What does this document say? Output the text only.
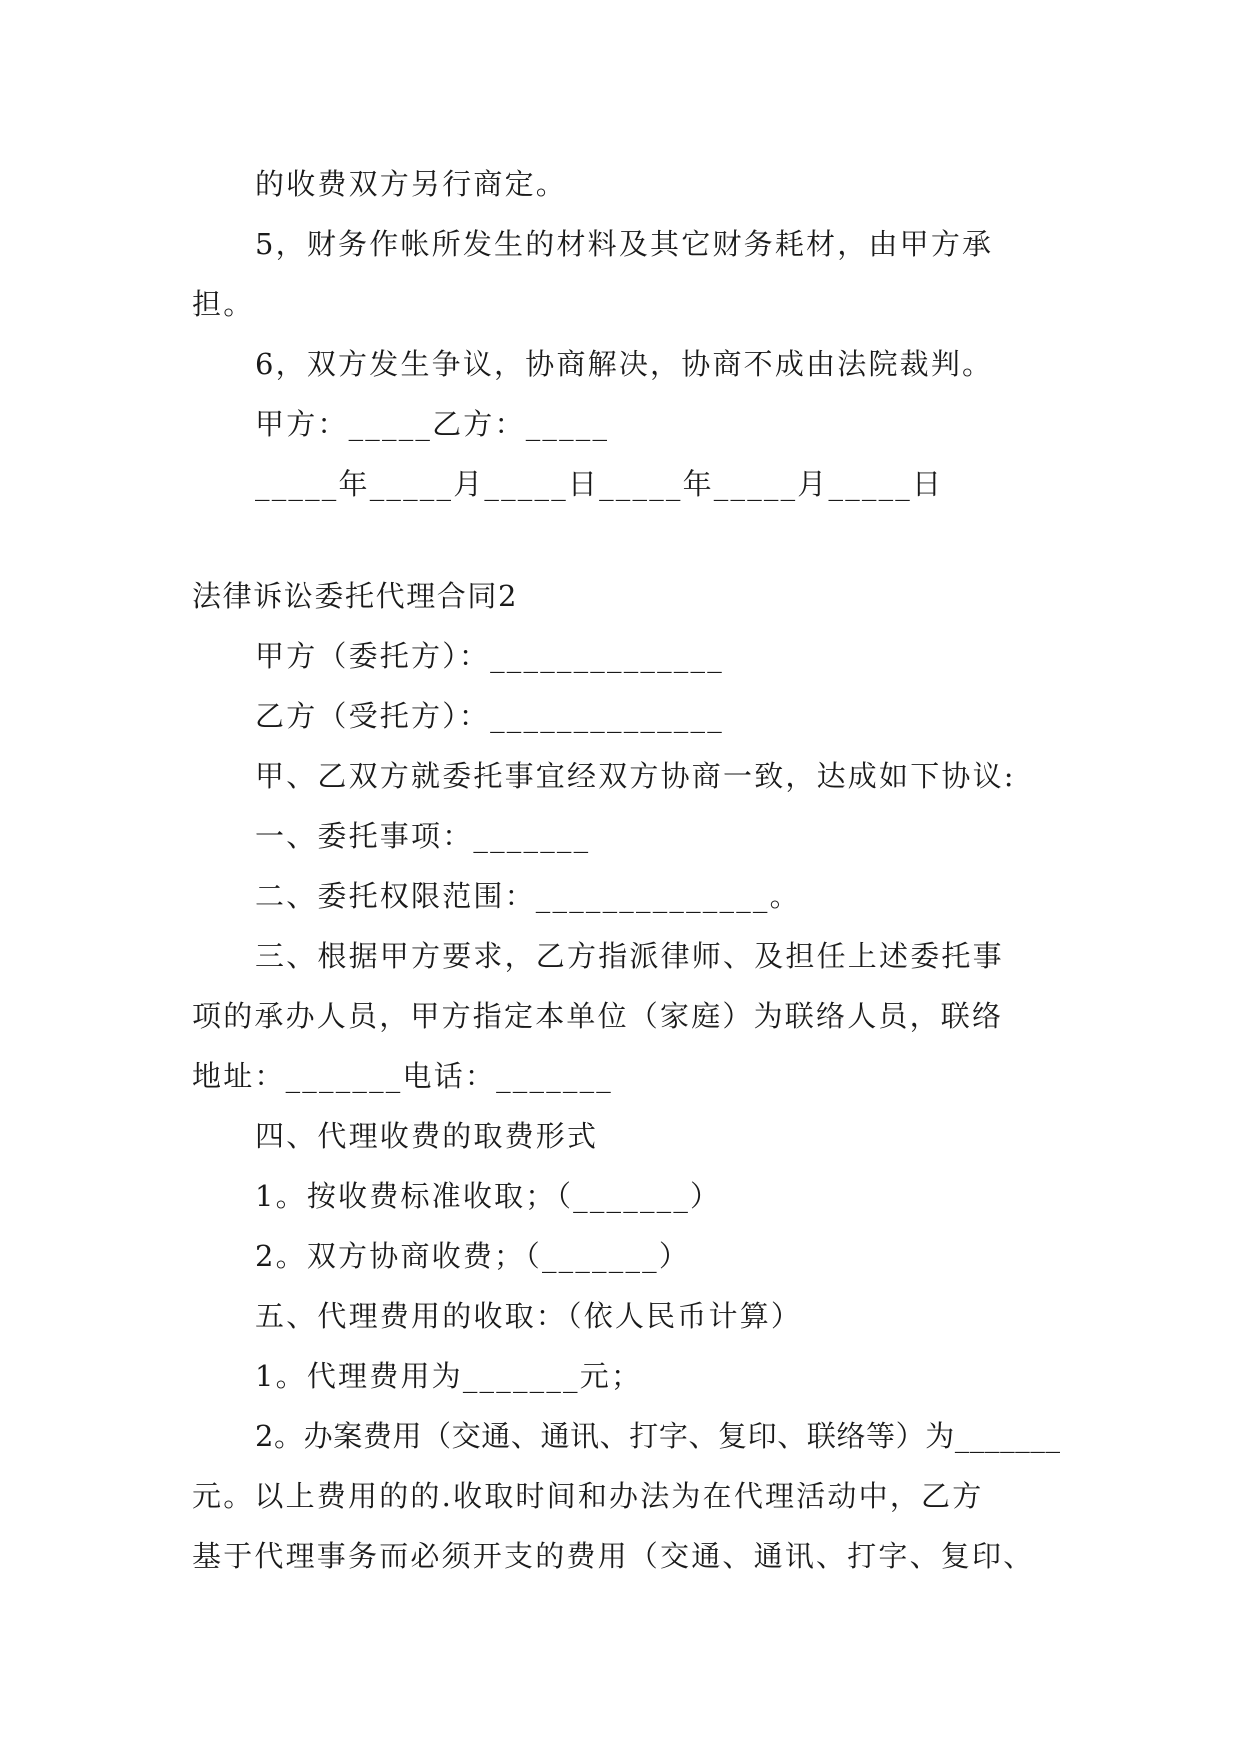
的收费双方另行商定。
5，财务作帐所发生的材料及其它财务耗材，由甲方承
担。
6，双方发生争议，协商解决，协商不成由法院裁判。
甲方：_____乙方：_____
_____年_____月_____日_____年_____月_____日
法律诉讼委托代理合同2
甲方（委托方）：______________
乙方（受托方）：______________
甲、乙双方就委托事宜经双方协商一致，达成如下协议:
一、委托事项：_______
二、委托权限范围：______________。
三、根据甲方要求，乙方指派律师、及担任上述委托事
项的承办人员，甲方指定本单位（家庭）为联络人员，联络
地址：_______电话：_______
四、代理收费的取费形式
1。按收费标准收取；（_______）
2。双方协商收费；（_______）
五、代理费用的收取：（依人民币计算）
1。代理费用为_______元；
2。办案费用（交通、通讯、打字、复印、联络等）为_______
元。以上费用的的.收取时间和办法为在代理活动中，乙方
基于代理事务而必须开支的费用（交通、通讯、打字、复印、
